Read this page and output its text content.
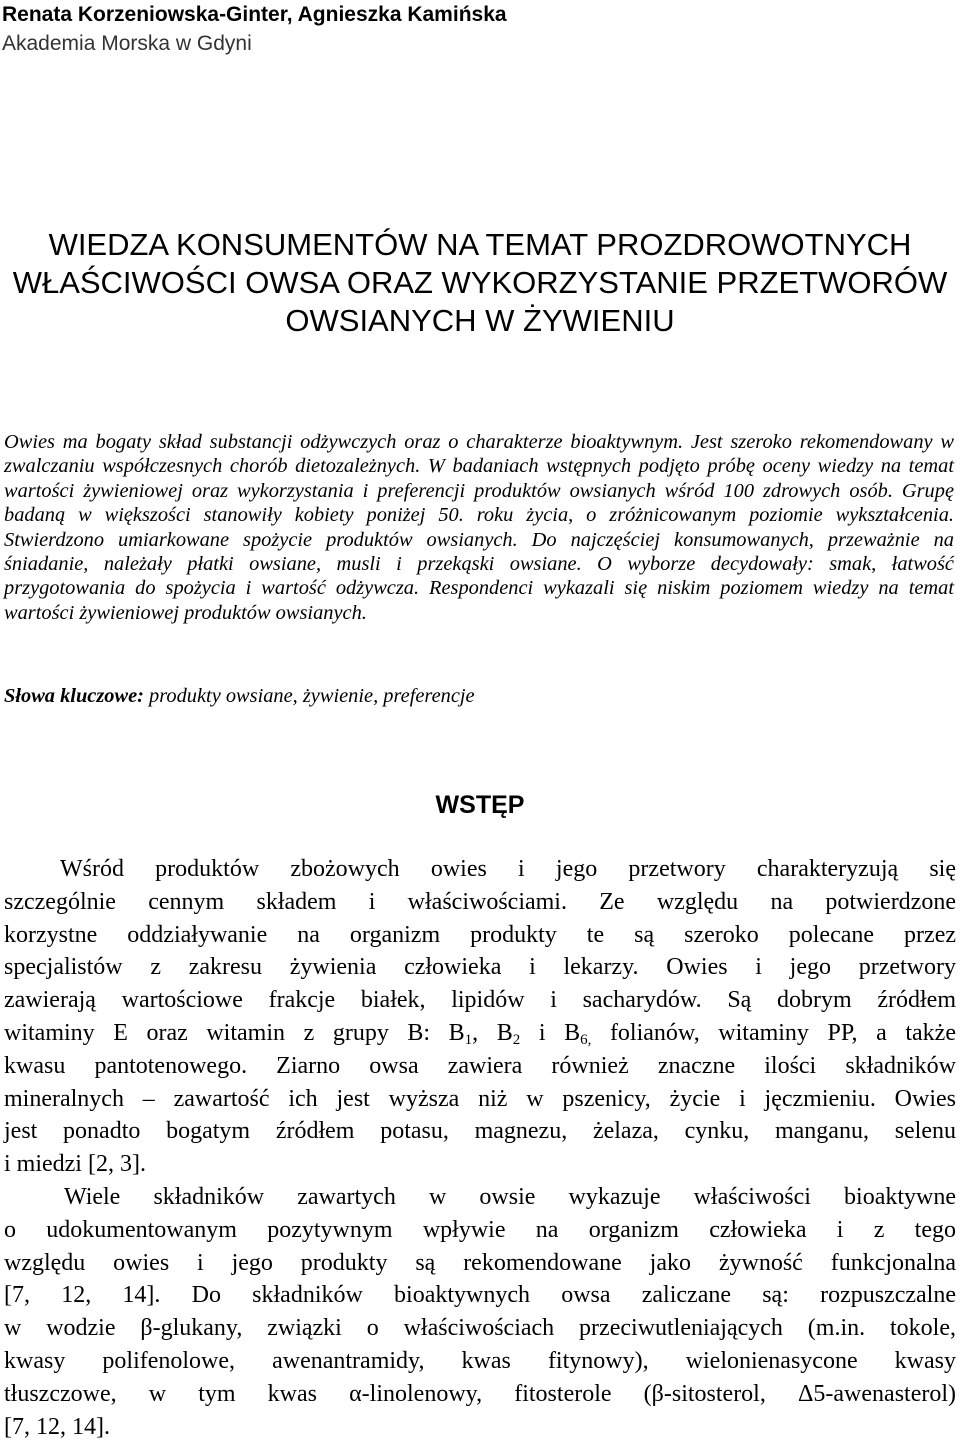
Renata Korzeniowska-Ginter, Agnieszka Kamińska
Akademia Morska w Gdyni
WIEDZA KONSUMENTÓW NA TEMAT PROZDROWOTNYCH
WŁAŚCIWOŚCI OWSA ORAZ WYKORZYSTANIE PRZETWORÓW
OWSIANYCH W ŻYWIENIU

Owies ma bogaty skład substancji odżywczych oraz o charakterze bioaktywnym. Jest szeroko rekomendowany w zwalczaniu współczesnych chorób dietozależnych. W badaniach wstępnych podjęto próbę oceny wiedzy na temat wartości żywieniowej oraz wykorzystania i preferencji produktów owsianych wśród 100 zdrowych osób. Grupę badaną w większości stanowiły kobiety poniżej 50. roku życia, o zróżnicowanym poziomie wykształcenia. Stwierdzono umiarkowane spożycie produktów owsianych. Do najczęściej konsumowanych, przeważnie na śniadanie, należały płatki owsiane, musli i przekąski owsiane. O wyborze decydowały: smak, łatwość przygotowania do spożycia i wartość odżywcza. Respondenci wykazali się niskim poziomem wiedzy na temat wartości żywieniowej produktów owsianych.

Słowa kluczowe: produkty owsiane, żywienie, preferencje
WSTĘP
Wśród produktów zbożowych owies i jego przetwory charakteryzują się
szczególnie cennym składem i właściwościami. Ze względu na potwierdzone
korzystne oddziaływanie na organizm produkty te są szeroko polecane przez
specjalistów z zakresu żywienia człowieka i lekarzy. Owies i jego przetwory
zawierają wartościowe frakcje białek, lipidów i sacharydów. Są dobrym źródłem
witaminy E oraz witamin z grupy B: $B_1$, $B_2$ i $B_{6,}$ folianów, witaminy PP, a także
kwasu pantotenowego. Ziarno owsa zawiera również znaczne ilości składników
mineralnych – zawartość ich jest wyższa niż w pszenicy, życie i jęczmieniu. Owies
jest ponadto bogatym źródłem potasu, magnezu, żelaza, cynku, manganu, selenu
i miedzi [2, 3].
Wiele składników zawartych w owsie wykazuje właściwości bioaktywne
o udokumentowanym pozytywnym wpływie na organizm człowieka i z tego
względu owies i jego produkty są rekomendowane jako żywność funkcjonalna
[7, 12, 14]. Do składników bioaktywnych owsa zaliczane są: rozpuszczalne
w wodzie β-glukany, związki o właściwościach przeciwutleniających (m.in. tokole,
kwasy polifenolowe, awenantramidy, kwas fitynowy), wielonienasycone kwasy
tłuszczowe, w tym kwas α-linolenowy, fitosterole (β-sitosterol, Δ5-awenasterol)
[7, 12, 14].
